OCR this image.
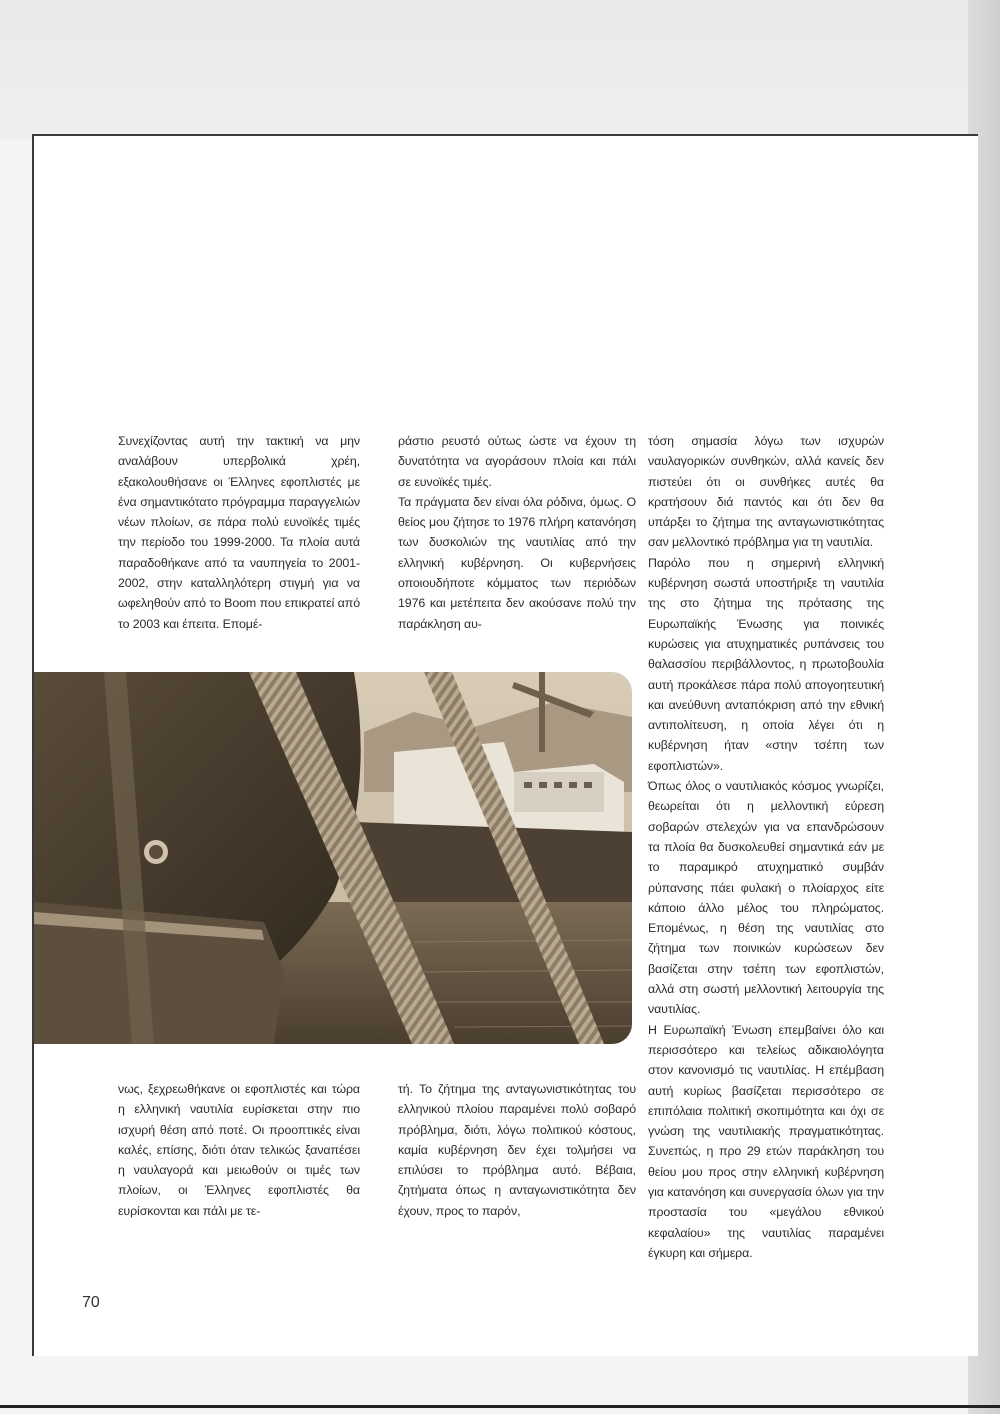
Συνεχίζοντας αυτή την τακτική να μην αναλάβουν υπερβολικά χρέη, εξακολουθήσανε οι Έλληνες εφοπλιστές με ένα σημαντικότατο πρόγραμμα παραγγελιών νέων πλοίων, σε πάρα πολύ ευνοϊκές τιμές την περίοδο του 1999-2000. Τα πλοία αυτά παραδοθήκανε από τα ναυπηγεία το 2001-2002, στην καταλληλότερη στιγμή για να ωφεληθούν από το Boom που επικρατεί από το 2003 και έπειτα. Επομέ-

ράστιο ρευστό ούτως ώστε να έχουν τη δυνατότητα να αγοράσουν πλοία και πάλι σε ευνοϊκές τιμές.

Τα πράγματα δεν είναι όλα ρόδινα, όμως. Ο θείος μου ζήτησε το 1976 πλήρη κατανόηση των δυσκολιών της ναυτιλίας από την ελληνική κυβέρνηση. Οι κυβερνήσεις οποιουδήποτε κόμματος των περιόδων 1976 και μετέπειτα δεν ακούσανε πολύ την παράκληση αυ-

τόση σημασία λόγω των ισχυρών ναυλαγορικών συνθηκών, αλλά κανείς δεν πιστεύει ότι οι συνθήκες αυτές θα κρατήσουν διά παντός και ότι δεν θα υπάρξει το ζήτημα της ανταγωνιστικότητας σαν μελλοντικό πρόβλημα για τη ναυτιλία.

Παρόλο που η σημερινή ελληνική κυβέρνηση σωστά υποστήριξε τη ναυτιλία της στο ζήτημα της πρότασης της Ευρωπαϊκής Ένωσης για ποινικές κυρώσεις για ατυχηματικές ρυπάνσεις του θαλασσίου περιβάλλοντος, η πρωτοβουλία αυτή προκάλεσε πάρα πολύ απογοητευτική και ανεύθυνη ανταπόκριση από την εθνική αντιπολίτευση, η οποία λέγει ότι η κυβέρνηση ήταν «στην τσέπη των εφοπλιστών».

Όπως όλος ο ναυτιλιακός κόσμος γνωρίζει, θεωρείται ότι η μελλοντική εύρεση σοβαρών στελεχών για να επανδρώσουν τα πλοία θα δυσκολευθεί σημαντικά εάν με το παραμικρό ατυχηματικό συμβάν ρύπανσης πάει φυλακή ο πλοίαρχος είτε κάποιο άλλο μέλος του πληρώματος. Επομένως, η θέση της ναυτιλίας στο ζήτημα των ποινικών κυρώσεων δεν βασίζεται στην τσέπη των εφοπλιστών, αλλά στη σωστή μελλοντική λειτουργία της ναυτιλίας.

Η Ευρωπαϊκή Ένωση επεμβαίνει όλο και περισσότερο και τελείως αδικαιολόγητα στον κανονισμό τις ναυτιλίας. Η επέμβαση αυτή κυρίως βασίζεται περισσότερο σε επιπόλαια πολιτική σκοπιμότητα και όχι σε γνώση της ναυτιλιακής πραγματικότητας. Συνεπώς, η προ 29 ετών παράκληση του θείου μου προς στην ελληνική κυβέρνηση για κατανόηση και συνεργασία όλων για την προστασία του «μεγάλου εθνικού κεφαλαίου» της ναυτιλίας παραμένει έγκυρη και σήμερα.

νως, ξεχρεωθήκανε οι εφοπλιστές και τώρα η ελληνική ναυτιλία ευρίσκεται στην πιο ισχυρή θέση από ποτέ. Οι προοπτικές είναι καλές, επίσης, διότι όταν τελικώς ξαναπέσει η ναυλαγορά και μειωθούν οι τιμές των πλοίων, οι Έλληνες εφοπλιστές θα ευρίσκονται και πάλι με τε-

τή. Το ζήτημα της ανταγωνιστικότητας του ελληνικού πλοίου παραμένει πολύ σοβαρό πρόβλημα, διότι, λόγω πολιτικού κόστους, καμία κυβέρνηση δεν έχει τολμήσει να επιλύσει το πρόβλημα αυτό. Βέβαια, ζητήματα όπως η ανταγωνιστικότητα δεν έχουν, προς το παρόν,

70
